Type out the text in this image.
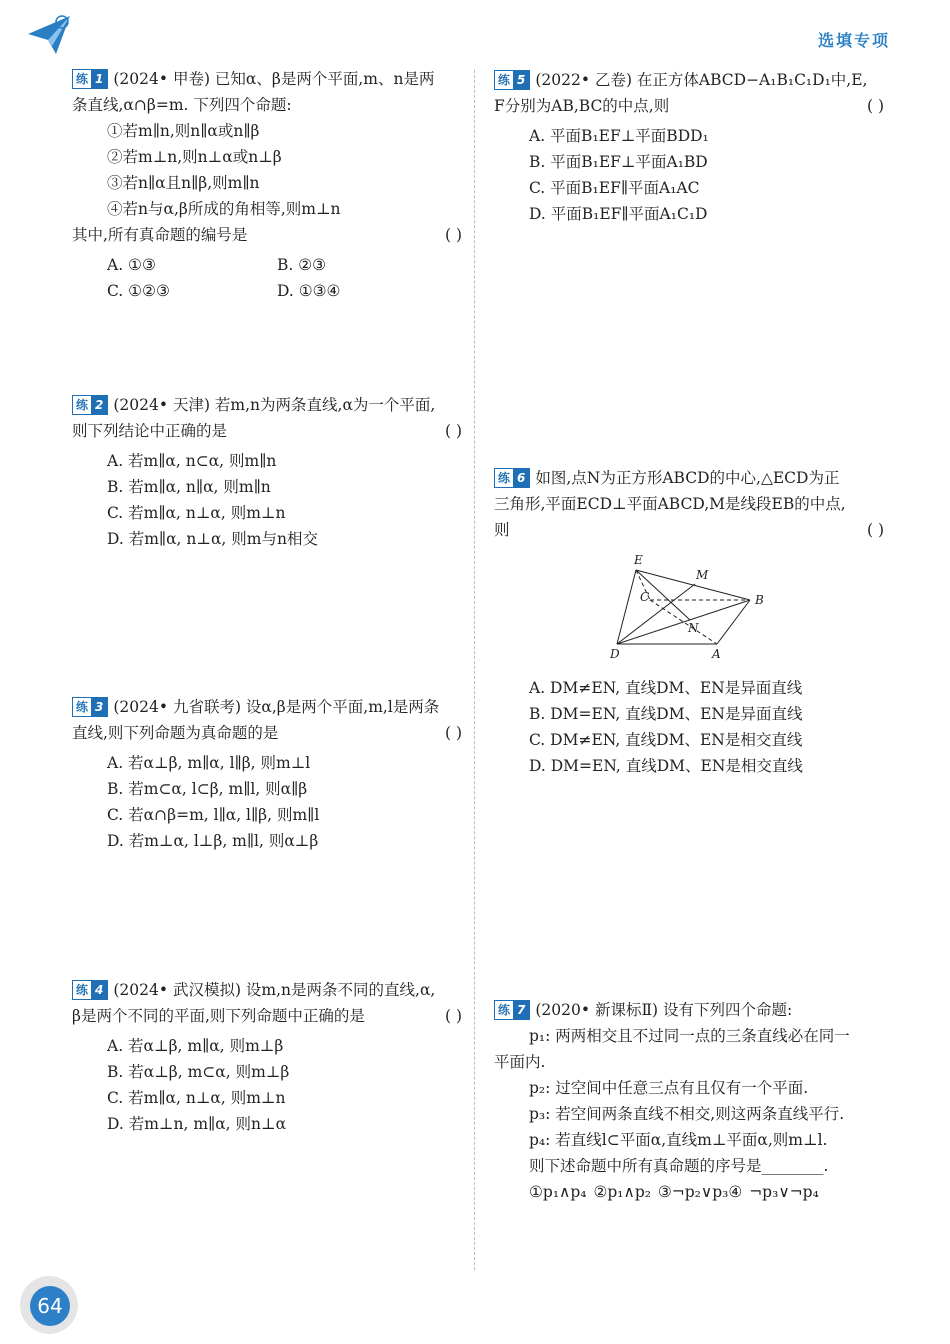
选填专项
练 1 (2024• 甲卷) 已知α、β是两个平面,m、n是两
条直线,α∩β=m. 下列四个命题:
①若m∥n,则n∥α或n∥β
②若m⊥n,则n⊥α或n⊥β
③若n∥α且n∥β,则m∥n
④若n与α,β所成的角相等,则m⊥n
其中,所有真命题的编号是	( )
A. ①③	B. ②③
C. ①②③	D. ①③④
练 2 (2024• 天津) 若m,n为两条直线,α为一个平面,
则下列结论中正确的是	( )
A. 若m∥α, n⊂α, 则m∥n
B. 若m∥α, n∥α, 则m∥n
C. 若m∥α, n⊥α, 则m⊥n
D. 若m∥α, n⊥α, 则m与n相交
练 3 (2024• 九省联考) 设α,β是两个平面,m,l是两条
直线,则下列命题为真命题的是	( )
A. 若α⊥β, m∥α, l∥β, 则m⊥l
B. 若m⊂α, l⊂β, m∥l, 则α∥β
C. 若α∩β=m, l∥α, l∥β, 则m∥l
D. 若m⊥α, l⊥β, m∥l, 则α⊥β
练 4 (2024• 武汉模拟) 设m,n是两条不同的直线,α,
β是两个不同的平面,则下列命题中正确的是	( )
A. 若α⊥β, m∥α, 则m⊥β
B. 若α⊥β, m⊂α, 则m⊥β
C. 若m∥α, n⊥α, 则m⊥n
D. 若m⊥n, m∥α, 则n⊥α
练 5 (2022• 乙卷) 在正方体ABCD−A₁B₁C₁D₁中,E,
F分别为AB,BC的中点,则	( )
A. 平面B₁EF⊥平面BDD₁
B. 平面B₁EF⊥平面A₁BD
C. 平面B₁EF∥平面A₁AC
D. 平面B₁EF∥平面A₁C₁D
练 6 如图,点N为正方形ABCD的中心,△ECD为正
三角形,平面ECD⊥平面ABCD,M是线段EB的中点,
则	( )
E
M
C	B
N
D	A
A. DM≠EN, 直线DM、EN是异面直线
B. DM=EN, 直线DM、EN是异面直线
C. DM≠EN, 直线DM、EN是相交直线
D. DM=EN, 直线DM、EN是相交直线
练 7 (2020• 新课标Ⅱ) 设有下列四个命题:
p₁: 两两相交且不过同一点的三条直线必在同一
平面内.
p₂: 过空间中任意三点有且仅有一个平面.
p₃: 若空间两条直线不相交,则这两条直线平行.
p₄: 若直线l⊂平面α,直线m⊥平面α,则m⊥l.
则下述命题中所有真命题的序号是________.
①p₁∧p₄ ②p₁∧p₂ ③¬p₂∨p₃④ ¬p₃∨¬p₄
64
